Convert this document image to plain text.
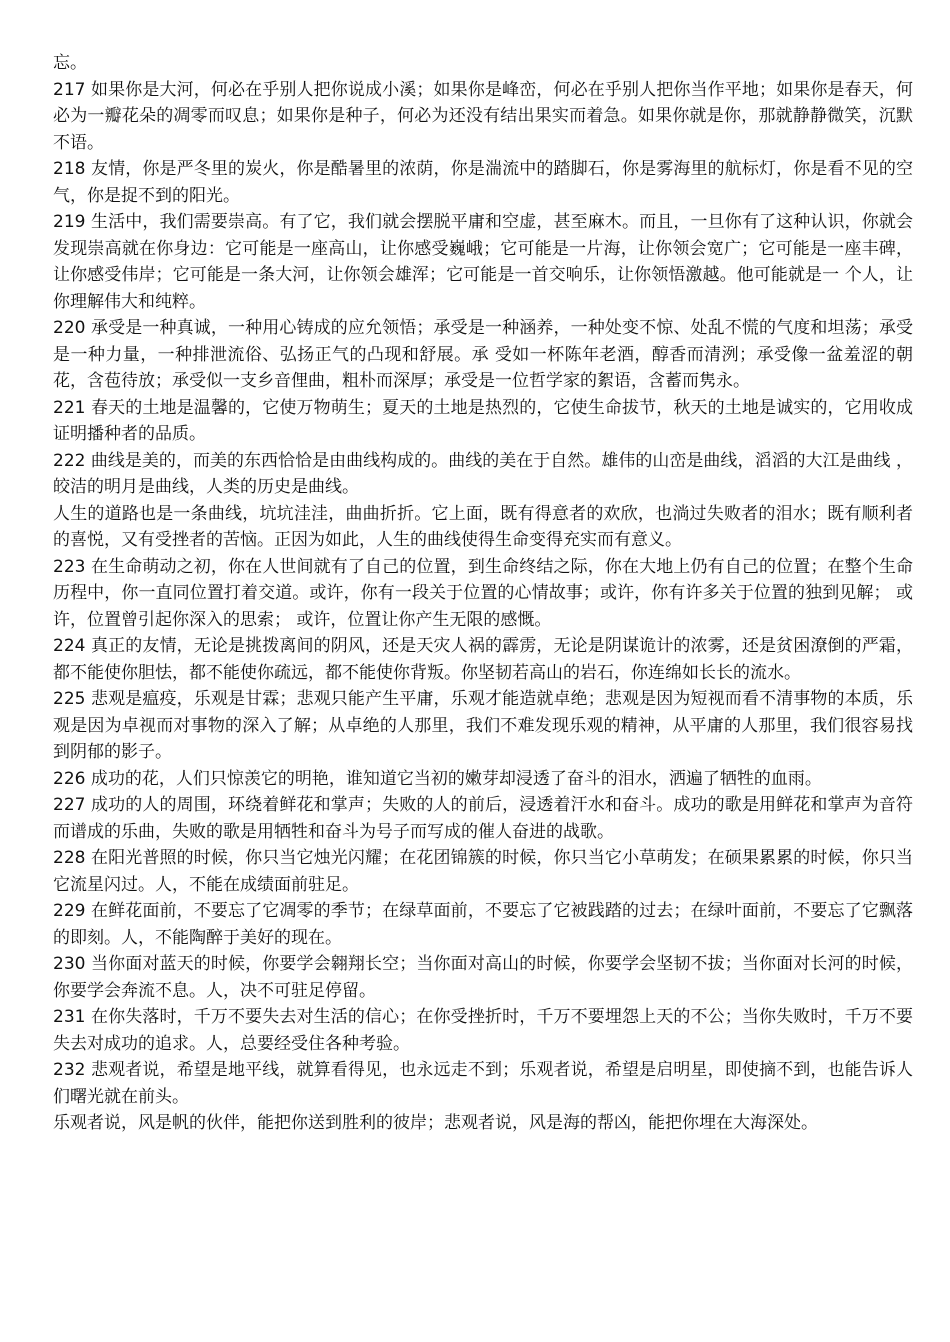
忘。

217 如果你是大河，何必在乎别人把你说成小溪；如果你是峰峦，何必在乎别人把你当作平地；如果你是春天，何必为一瓣花朵的凋零而叹息；如果你是种子，何必为还没有结出果实而着急。如果你就是你，那就静静微笑，沉默不语。

218 友情，你是严冬里的炭火，你是酷暑里的浓荫，你是湍流中的踏脚石，你是雾海里的航标灯，你是看不见的空气，你是捉不到的阳光。

219 生活中，我们需要崇高。有了它，我们就会摆脱平庸和空虚，甚至麻木。而且，一旦你有了这种认识，你就会发现崇高就在你身边：它可能是一座高山，让你感受巍峨；它可能是一片海，让你领会宽广；它可能是一座丰碑，让你感受伟岸；它可能是一条大河，让你领会雄浑；它可能是一首交响乐，让你领悟激越。他可能就是一 个人，让你理解伟大和纯粹。

220 承受是一种真诚，一种用心铸成的应允领悟；承受是一种涵养，一种处变不惊、处乱不慌的气度和坦荡；承受是一种力量，一种排泄流俗、弘扬正气的凸现和舒展。承 受如一杯陈年老酒，醇香而清洌；承受像一盆羞涩的朝花，含苞待放；承受似一支乡音俚曲，粗朴而深厚；承受是一位哲学家的絮语，含蓄而隽永。

221 春天的土地是温馨的，它使万物萌生；夏天的土地是热烈的，它使生命拔节，秋天的土地是诚实的，它用收成证明播种者的品质。

222 曲线是美的，而美的东西恰恰是由曲线构成的。曲线的美在于自然。雄伟的山峦是曲线，滔滔的大江是曲线 ，皎洁的明月是曲线，人类的历史是曲线。

人生的道路也是一条曲线，坑坑洼洼，曲曲折折。它上面，既有得意者的欢欣，也淌过失败者的泪水；既有顺利者的喜悦，又有受挫者的苦恼。正因为如此，人生的曲线使得生命变得充实而有意义。

223 在生命萌动之初，你在人世间就有了自己的位置，到生命终结之际，你在大地上仍有自己的位置；在整个生命历程中，你一直同位置打着交道。或许，你有一段关于位置的心情故事；或许，你有许多关于位置的独到见解； 或许，位置曾引起你深入的思索； 或许，位置让你产生无限的感慨。

224 真正的友情，无论是挑拨离间的阴风，还是天灾人祸的霹雳，无论是阴谋诡计的浓雾，还是贫困潦倒的严霜，都不能使你胆怯，都不能使你疏远，都不能使你背叛。你坚韧若高山的岩石，你连绵如长长的流水。

225 悲观是瘟疫，乐观是甘霖；悲观只能产生平庸，乐观才能造就卓绝；悲观是因为短视而看不清事物的本质，乐观是因为卓视而对事物的深入了解；从卓绝的人那里，我们不难发现乐观的精神，从平庸的人那里，我们很容易找到阴郁的影子。

226 成功的花，人们只惊羡它的明艳，谁知道它当初的嫩芽却浸透了奋斗的泪水，洒遍了牺牲的血雨。

227 成功的人的周围，环绕着鲜花和掌声；失败的人的前后，浸透着汗水和奋斗。成功的歌是用鲜花和掌声为音符而谱成的乐曲，失败的歌是用牺牲和奋斗为号子而写成的催人奋进的战歌。

228 在阳光普照的时候，你只当它烛光闪耀；在花团锦簇的时候，你只当它小草萌发；在硕果累累的时候，你只当它流星闪过。人，不能在成绩面前驻足。

229 在鲜花面前，不要忘了它凋零的季节；在绿草面前，不要忘了它被践踏的过去；在绿叶面前，不要忘了它飘落的即刻。人，不能陶醉于美好的现在。

230 当你面对蓝天的时候，你要学会翱翔长空；当你面对高山的时候，你要学会坚韧不拔；当你面对长河的时候，你要学会奔流不息。人，决不可驻足停留。

231 在你失落时，千万不要失去对生活的信心；在你受挫折时，千万不要埋怨上天的不公；当你失败时，千万不要失去对成功的追求。人，总要经受住各种考验。

232 悲观者说，希望是地平线，就算看得见，也永远走不到；乐观者说，希望是启明星，即使摘不到，也能告诉人们曙光就在前头。

乐观者说，风是帆的伙伴，能把你送到胜利的彼岸；悲观者说，风是海的帮凶，能把你埋在大海深处。
